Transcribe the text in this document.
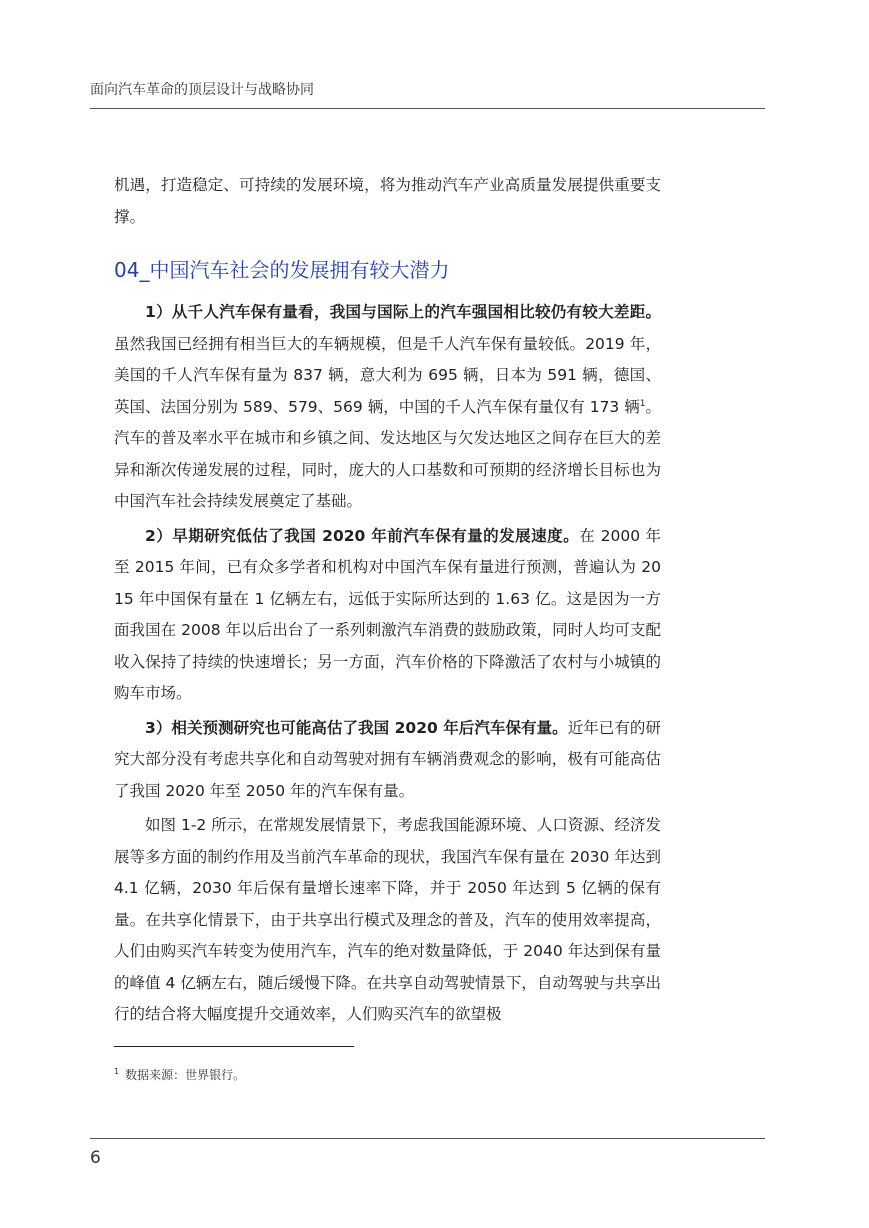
面向汽车革命的顶层设计与战略协同

机遇，打造稳定、可持续的发展环境，将为推动汽车产业高质量发展提供重要支撑。

04_中国汽车社会的发展拥有较大潜力

1）从千人汽车保有量看，我国与国际上的汽车强国相比较仍有较大差距。虽然我国已经拥有相当巨大的车辆规模，但是千人汽车保有量较低。2019 年，美国的千人汽车保有量为 837 辆，意大利为 695 辆，日本为 591 辆，德国、英国、法国分别为 589、579、569 辆，中国的千人汽车保有量仅有 173 辆$^1$。汽车的普及率水平在城市和乡镇之间、发达地区与欠发达地区之间存在巨大的差异和渐次传递发展的过程，同时，庞大的人口基数和可预期的经济增长目标也为中国汽车社会持续发展奠定了基础。

2）早期研究低估了我国 2020 年前汽车保有量的发展速度。在 2000 年至 2015 年间，已有众多学者和机构对中国汽车保有量进行预测，普遍认为 2015 年中国保有量在 1 亿辆左右，远低于实际所达到的 1.63 亿。这是因为一方面我国在 2008 年以后出台了一系列刺激汽车消费的鼓励政策，同时人均可支配收入保持了持续的快速增长；另一方面，汽车价格的下降激活了农村与小城镇的购车市场。

3）相关预测研究也可能高估了我国 2020 年后汽车保有量。近年已有的研究大部分没有考虑共享化和自动驾驶对拥有车辆消费观念的影响，极有可能高估了我国 2020 年至 2050 年的汽车保有量。

如图 1-2 所示，在常规发展情景下，考虑我国能源环境、人口资源、经济发展等多方面的制约作用及当前汽车革命的现状，我国汽车保有量在 2030 年达到 4.1 亿辆，2030 年后保有量增长速率下降，并于 2050 年达到 5 亿辆的保有量。在共享化情景下，由于共享出行模式及理念的普及，汽车的使用效率提高，人们由购买汽车转变为使用汽车，汽车的绝对数量降低，于 2040 年达到保有量的峰值 4 亿辆左右，随后缓慢下降。在共享自动驾驶情景下，自动驾驶与共享出行的结合将大幅度提升交通效率，人们购买汽车的欲望极

$^1$ 数据来源：世界银行。
6
